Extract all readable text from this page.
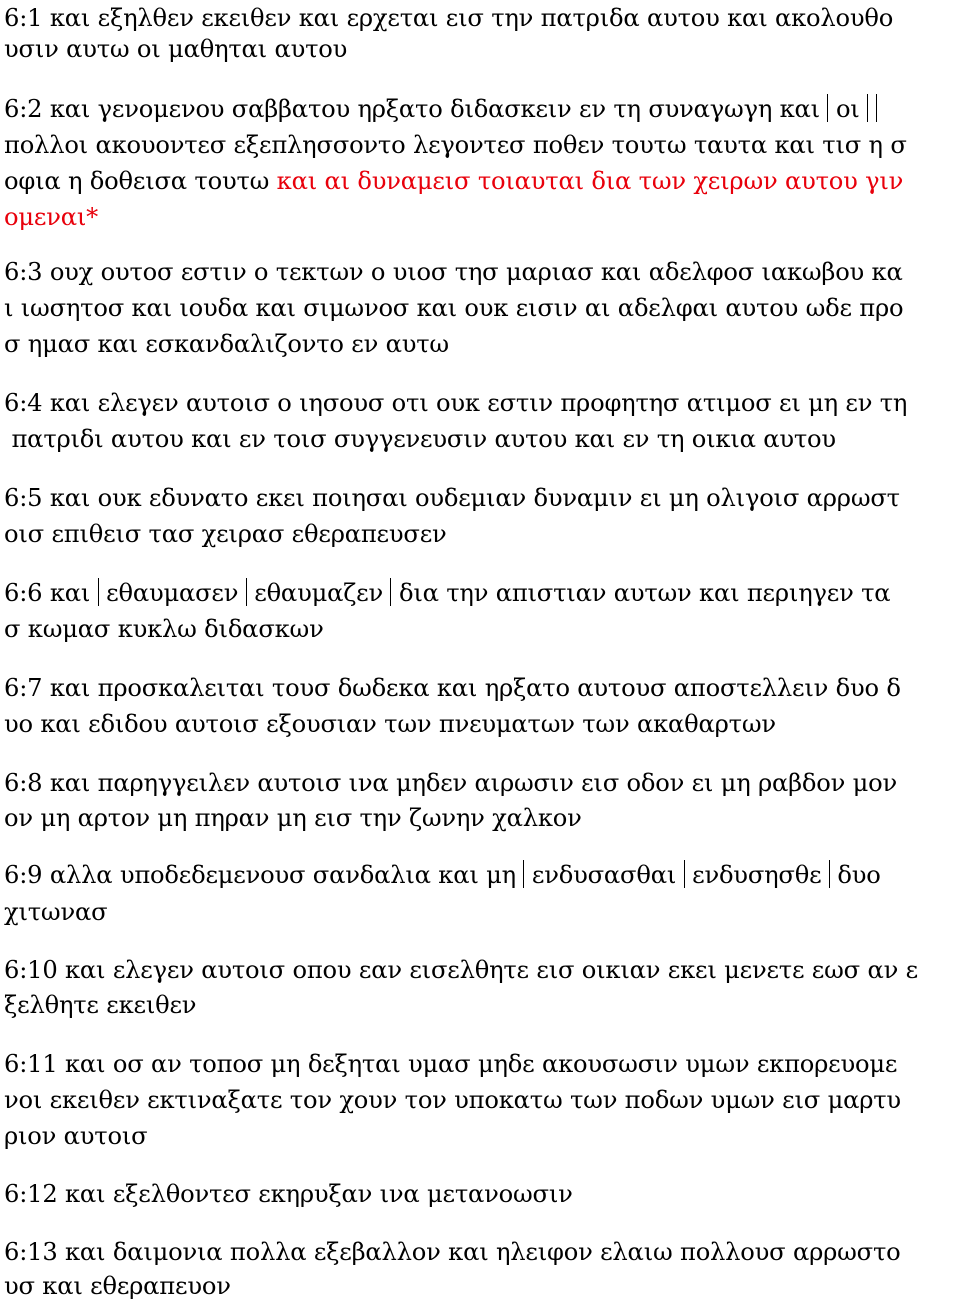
6:1 και εξηλθεν εκειθεν και ερχεται εισ την πατριδα αυτου και ακολουθο
υσιν αυτω οι μαθηται αυτου
6:2 και γενομενου σαββατου ηρξατο διδασκειν εν τη συναγωγη και  οι
πολλοι ακουοντεσ εξεπλησσοντο λεγοντεσ ποθεν τουτω ταυτα και τισ η σ
οφια η δοθεισα τουτω και αι δυναμεισ τοιαυται δια των χειρων αυτου γιν
ομεναι*
6:3 ουχ ουτοσ εστιν ο τεκτων ο υιοσ τησ μαριασ και αδελφοσ ιακωβου κα
ι ιωσητοσ και ιουδα και σιμωνοσ και ουκ εισιν αι αδελφαι αυτου ωδε προ
σ ημασ και εσκανδαλιζοντο εν αυτω
6:4 και ελεγεν αυτοισ ο ιησουσ οτι ουκ εστιν προφητησ ατιμοσ ει μη εν τη
πατριδι αυτου και εν τοισ συγγενευσιν αυτου και εν τη οικια αυτου
6:5 και ουκ εδυνατο εκει ποιησαι ουδεμιαν δυναμιν ει μη ολιγοισ αρρωστ
οισ επιθεισ τασ χειρασ εθεραπευσεν
6:6 και  εθαυμασεν  εθαυμαζεν  δια την απιστιαν αυτων και περιηγεν τα
σ κωμασ κυκλω διδασκων
6:7 και προσκαλειται τουσ δωδεκα και ηρξατο αυτουσ αποστελλειν δυο δ
υο και εδιδου αυτοισ εξουσιαν των πνευματων των ακαθαρτων
6:8 και παρηγγειλεν αυτοισ ινα μηδεν αιρωσιν εισ οδον ει μη ραβδον μον
ον μη αρτον μη πηραν μη εισ την ζωνην χαλκον
6:9 αλλα υποδεδεμενουσ σανδαλια και μη  ενδυσασθαι  ενδυσησθε  δυο
χιτωνασ
6:10 και ελεγεν αυτοισ οπου εαν εισελθητε εισ οικιαν εκει μενετε εωσ αν ε
ξελθητε εκειθεν
6:11 και οσ αν τοποσ μη δεξηται υμασ μηδε ακουσωσιν υμων εκπορευομε
νοι εκειθεν εκτιναξατε τον χουν τον υποκατω των ποδων υμων εισ μαρτυ
ριον αυτοισ
6:12 και εξελθοντεσ εκηρυξαν ινα μετανοωσιν
6:13 και δαιμονια πολλα εξεβαλλον και ηλειφον ελαιω πολλουσ αρρωστο
υσ και εθεραπευον
